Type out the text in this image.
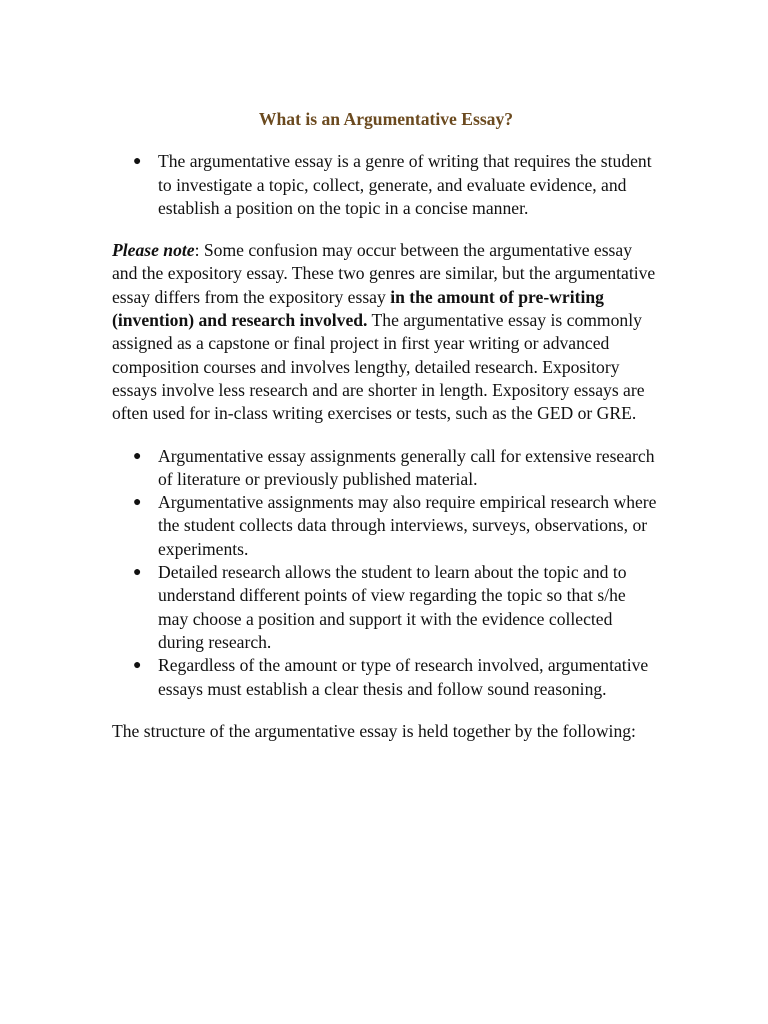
What is an Argumentative Essay?
● The argumentative essay is a genre of writing that requires the student to investigate a topic, collect, generate, and evaluate evidence, and establish a position on the topic in a concise manner.

Please note: Some confusion may occur between the argumentative essay and the expository essay. These two genres are similar, but the argumentative essay differs from the expository essay in the amount of pre-writing (invention) and research involved. The argumentative essay is commonly assigned as a capstone or final project in first year writing or advanced composition courses and involves lengthy, detailed research. Expository essays involve less research and are shorter in length. Expository essays are often used for in-class writing exercises or tests, such as the GED or GRE.

● Argumentative essay assignments generally call for extensive research of literature or previously published material.
● Argumentative assignments may also require empirical research where the student collects data through interviews, surveys, observations, or experiments.
● Detailed research allows the student to learn about the topic and to understand different points of view regarding the topic so that s/he may choose a position and support it with the evidence collected during research.
● Regardless of the amount or type of research involved, argumentative essays must establish a clear thesis and follow sound reasoning.

The structure of the argumentative essay is held together by the following:
